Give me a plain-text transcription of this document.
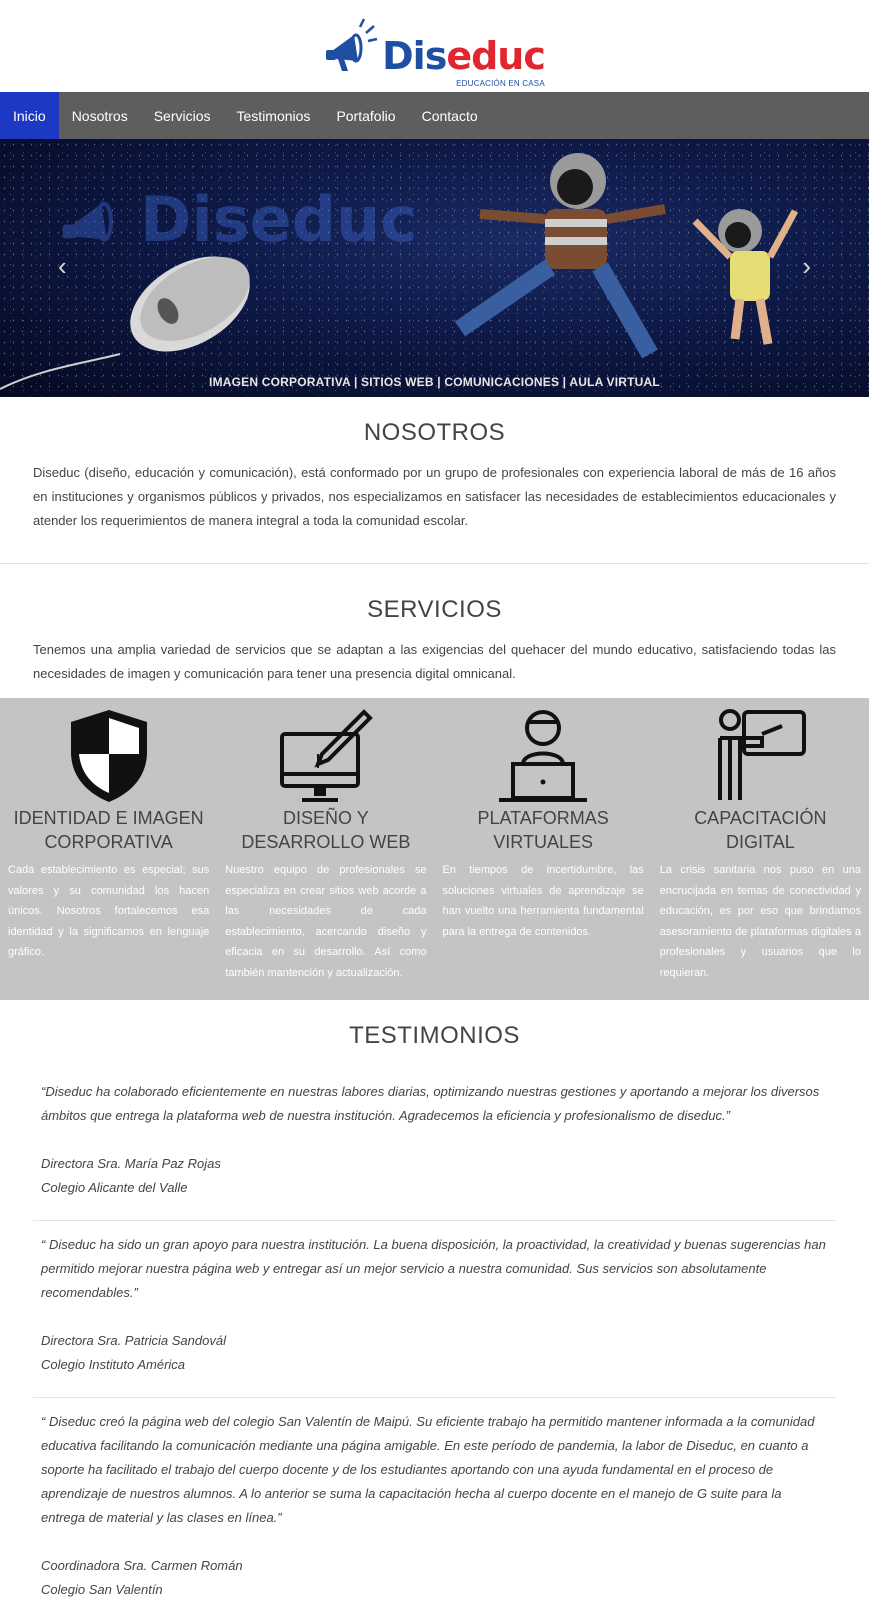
Diseduc
EDUCACIÓN EN CASA
Inicio	Nosotros	Servicios	Testimonios	Portafolio	Contacto
Diseduc
‹	›
IMAGEN CORPORATIVA | SITIOS WEB | COMUNICACIONES | AULA VIRTUAL
NOSOTROS

Diseduc (diseño, educación y comunicación), está conformado por un grupo de profesionales con experiencia laboral de más de 16 años en instituciones y organismos públicos y privados, nos especializamos en satisfacer las necesidades de establecimientos educacionales y atender los requerimientos de manera integral a toda la comunidad escolar.

SERVICIOS

Tenemos una amplia variedad de servicios que se adaptan a las exigencias del quehacer del mundo educativo, satisfaciendo todas las necesidades de imagen y comunicación para tener una presencia digital omnicanal.

IDENTIDAD E IMAGEN CORPORATIVA
Cada establecimiento es especial; sus valores y su comunidad los hacen únicos. Nosotros fortalecemos esa identidad y la significamos en lenguaje gráfico.
DISEÑO Y DESARROLLO WEB
Nuestro equipo de profesionales se especializa en crear sitios web acorde a las necesidades de cada establecimiento, acercando diseño y eficacia en su desarrollo. Así como también mantención y actualización.
PLATAFORMAS VIRTUALES
En tiempos de incertidumbre, las soluciones virtuales de aprendizaje se han vuelto una herramienta fundamental para la entrega de contenidos.
CAPACITACIÓN DIGITAL
La crisis sanitaria nos puso en una encrucijada en temas de conectividad y educación, es por eso que brindamos asesoramiento de plataformas digitales a profesionales y usuarios que lo requieran.
TESTIMONIOS
“Diseduc ha colaborado eficientemente en nuestras labores diarias, optimizando nuestras gestiones y aportando a mejorar los diversos ámbitos que entrega la plataforma web de nuestra institución. Agradecemos la eficiencia y profesionalismo de diseduc.”
Directora Sra. María Paz Rojas
Colegio Alicante del Valle
“ Diseduc ha sido un gran apoyo para nuestra institución. La buena disposición, la proactividad, la creatividad y buenas sugerencias han permitido mejorar nuestra página web y entregar así un mejor servicio a nuestra comunidad. Sus servicios son absolutamente recomendables.”
Directora Sra. Patricia Sandovál
Colegio Instituto América
“ Diseduc creó la página web del colegio San Valentín de Maipú. Su eficiente trabajo ha permitido mantener informada a la comunidad educativa facilitando la comunicación mediante una página amigable. En este período de pandemia, la labor de Diseduc, en cuanto a soporte ha facilitado el trabajo del cuerpo docente y de los estudiantes aportando con una ayuda fundamental en el proceso de aprendizaje de nuestros alumnos. A lo anterior se suma la capacitación hecha al cuerpo docente en el manejo de G suite para la entrega de material y las clases en línea.”
Coordinadora Sra. Carmen Román
Colegio San Valentín
